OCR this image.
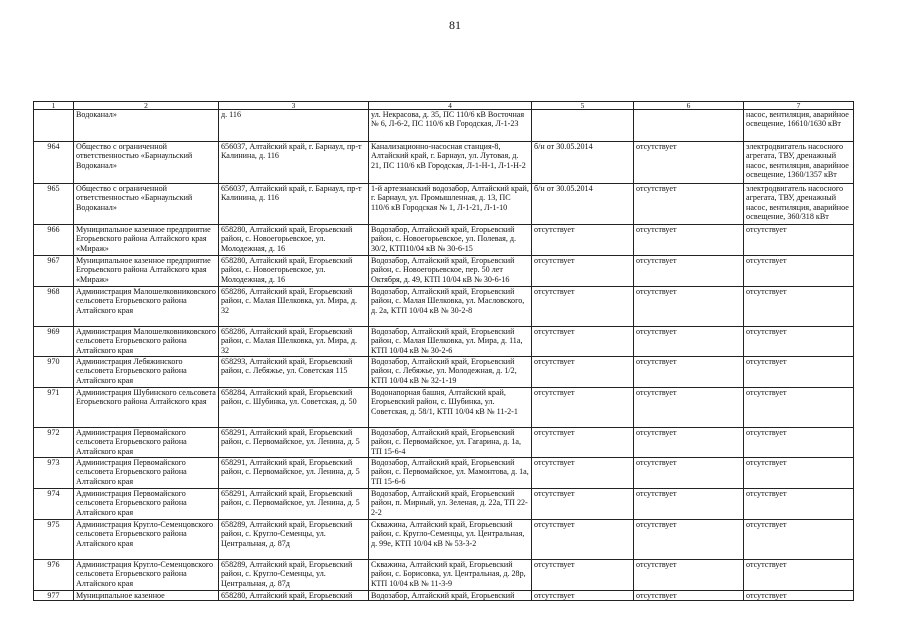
81
1	2	3	4	5	6	7
	Водоканал»	д. 116	ул. Некрасова, д. 35, ПС 110/6 кВ Восточная № 6, Л-6-2, ПС 110/6 кВ Городская, Л-1-23			насос, вентиляция, аварийное освещение, 16610/1630 кВт
964	Общество с ограниченной ответственностью «Барнаульский Водоканал»	656037, Алтайский край, г. Барнаул, пр-т Калинина, д. 116	Канализационно-насосная станция-8, Алтайский край, г. Барнаул, ул. Лутовая, д. 21, ПС 110/6 кВ Городская, Л-1-Н-1, Л-1-Н-2	б/н от 30.05.2014	отсутствует	электродвигатель насосного агрегата, ТВУ, дренажный насос, вентиляция, аварийное освещение, 1360/1357 кВт
965	Общество с ограниченной ответственностью «Барнаульский Водоканал»	656037, Алтайский край, г. Барнаул, пр-т Калинина, д. 116	1-й артезианский водозабор, Алтайский край, г. Барнаул, ул. Промышленная, д. 13, ПС 110/6 кВ Городская № 1, Л-1-21, Л-1-10	б/н от 30.05.2014	отсутствует	электродвигатель насосного агрегата, ТВУ, дренажный насос, вентиляция, аварийное освещение, 360/318 кВт
966	Муниципальное казенное предприятие Егорьевского района Алтайского края «Мираж»	658280, Алтайский край, Егорьевский район, с. Новоегорьевское, ул. Молодежная, д. 16	Водозабор, Алтайский край, Егорьевский район, с. Новоегорьевское, ул. Полевая, д. 30/2, КТП10/04 кВ № 30-6-15	отсутствует	отсутствует	отсутствует
967	Муниципальное казенное предприятие Егорьевского района Алтайского края «Мираж»	658280, Алтайский край, Егорьевский район, с. Новоегорьевское, ул. Молодежная, д. 16	Водозабор, Алтайский край, Егорьевский район, с. Новоегорьевское, пер. 50 лет Октября, д. 49, КТП 10/04 кВ № 30-6-16	отсутствует	отсутствует	отсутствует
968	Администрация Малошелковниковского сельсовета Егорьевского района Алтайского края	658286, Алтайский край, Егорьевский район, с. Малая Шелковка, ул. Мира, д. 32	Водозабор, Алтайский край, Егорьевский район, с. Малая Шелковка, ул. Масловского, д. 2а, КТП 10/04 кВ № 30-2-8	отсутствует	отсутствует	отсутствует
969	Администрация Малошелковниковского сельсовета Егорьевского района Алтайского края	658286, Алтайский край, Егорьевский район, с. Малая Шелковка, ул. Мира, д. 32	Водозабор, Алтайский край, Егорьевский район, с. Малая Шелковка, ул. Мира, д. 11а, КТП 10/04 кВ № 30-2-6	отсутствует	отсутствует	отсутствует
970	Администрация Лебяжинского сельсовета Егорьевского района Алтайского края	658293, Алтайский край, Егорьевский район, с. Лебяжье, ул. Советская 115	Водозабор, Алтайский край, Егорьевский район, с. Лебяжье, ул. Молодежная, д. 1/2, КТП 10/04 кВ № 32-1-19	отсутствует	отсутствует	отсутствует
971	Администрация Шубинского сельсовета Егорьевского района Алтайского края	658284, Алтайский край, Егорьевский район, с. Шубинка, ул. Советская, д. 50	Водонапорная башня, Алтайский край, Егорьевский район, с. Шубинка, ул. Советская, д. 58/1, КТП 10/04 кВ № 11-2-1	отсутствует	отсутствует	отсутствует
972	Администрация Первомайского сельсовета Егорьевского района Алтайского края	658291, Алтайский край, Егорьевский район, с. Первомайское, ул. Ленина, д. 5	Водозабор, Алтайский край, Егорьевский район, с. Первомайское, ул. Гагарина, д. 1а, ТП 15-6-4	отсутствует	отсутствует	отсутствует
973	Администрация Первомайского сельсовета Егорьевского района Алтайского края	658291, Алтайский край, Егорьевский район, с. Первомайское, ул. Ленина, д. 5	Водозабор, Алтайский край, Егорьевский район, с. Первомайское, ул. Мамонтова, д. 1а, ТП 15-6-6	отсутствует	отсутствует	отсутствует
974	Администрация Первомайского сельсовета Егорьевского района Алтайского края	658291, Алтайский край, Егорьевский район, с. Первомайское, ул. Ленина, д. 5	Водозабор, Алтайский край, Егорьевский район, п. Мирный, ул. Зеленая, д. 22а, ТП 22-2-2	отсутствует	отсутствует	отсутствует
975	Администрация Кругло-Семенцовского сельсовета Егорьевского района Алтайского края	658289, Алтайский край, Егорьевский район, с. Кругло-Семенцы, ул. Центральная, д. 87д	Скважина, Алтайский край, Егорьевский район, с. Кругло-Семенцы, ул. Центральная, д. 99е, КТП 10/04 кВ № 53-3-2	отсутствует	отсутствует	отсутствует
976	Администрация Кругло-Семенцовского сельсовета Егорьевского района Алтайского края	658289, Алтайский край, Егорьевский район, с. Кругло-Семенцы, ул. Центральная, д. 87д	Скважина, Алтайский край, Егорьевский район, с. Борисовка, ул. Центральная, д. 28р, КТП 10/04 кВ № 11-3-9	отсутствует	отсутствует	отсутствует
977	Муниципальное казенное	658280, Алтайский край, Егорьевский	Водозабор, Алтайский край, Егорьевский	отсутствует	отсутствует	отсутствует
